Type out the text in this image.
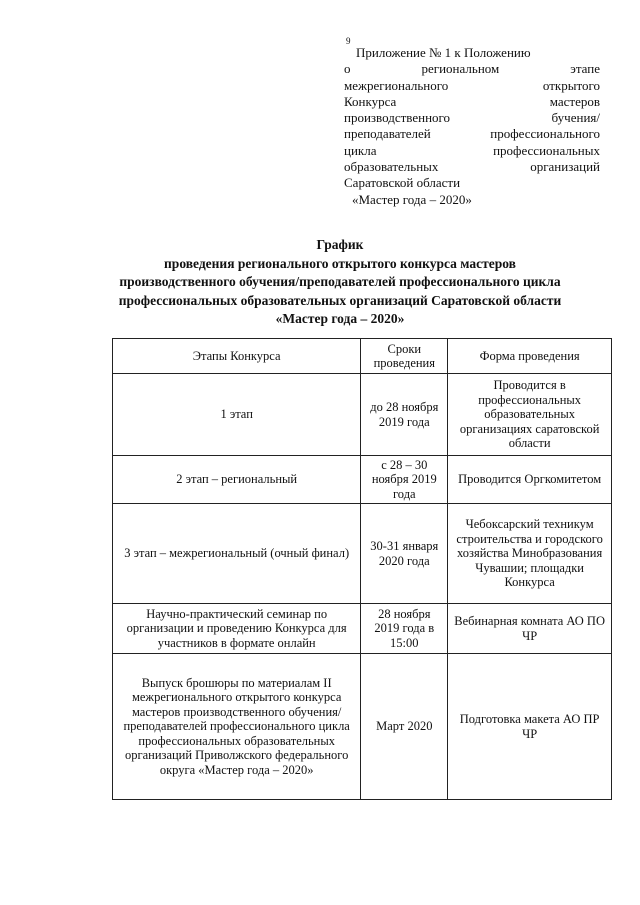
9
Приложение № 1 к Положению
о региональном этапе
межрегионального открытого
Конкурса мастеров
производственного бучения/
преподавателей профессионального
цикла профессиональных
образовательных организаций
Саратовской области
«Мастер года – 2020»
График
проведения регионального открытого конкурса мастеров
производственного обучения/преподавателей профессионального цикла
профессиональных образовательных организаций Саратовской области
«Мастер года – 2020»
Этапы Конкурса	Сроки проведения	Форма проведения
1 этап	до 28 ноября 2019 года	Проводится в профессиональных образовательных организациях саратовской области
2 этап – региональный	с 28 – 30 ноября 2019 года	Проводится Оргкомитетом
3 этап – межрегиональный (очный финал)	30-31 января 2020 года	Чебоксарский техникум строительства и городского хозяйства Минобразования Чувашии; площадки Конкурса
Научно-практический семинар по организации и проведению Конкурса для участников в формате онлайн	28 ноября 2019 года в 15:00	Вебинарная комната АО ПО ЧР
Выпуск брошюры по материалам II межрегионального открытого конкурса мастеров производственного обучения/преподавателей профессионального цикла профессиональных образовательных организаций Приволжского федерального округа «Мастер года – 2020»	Март 2020	Подготовка макета АО ПР ЧР
